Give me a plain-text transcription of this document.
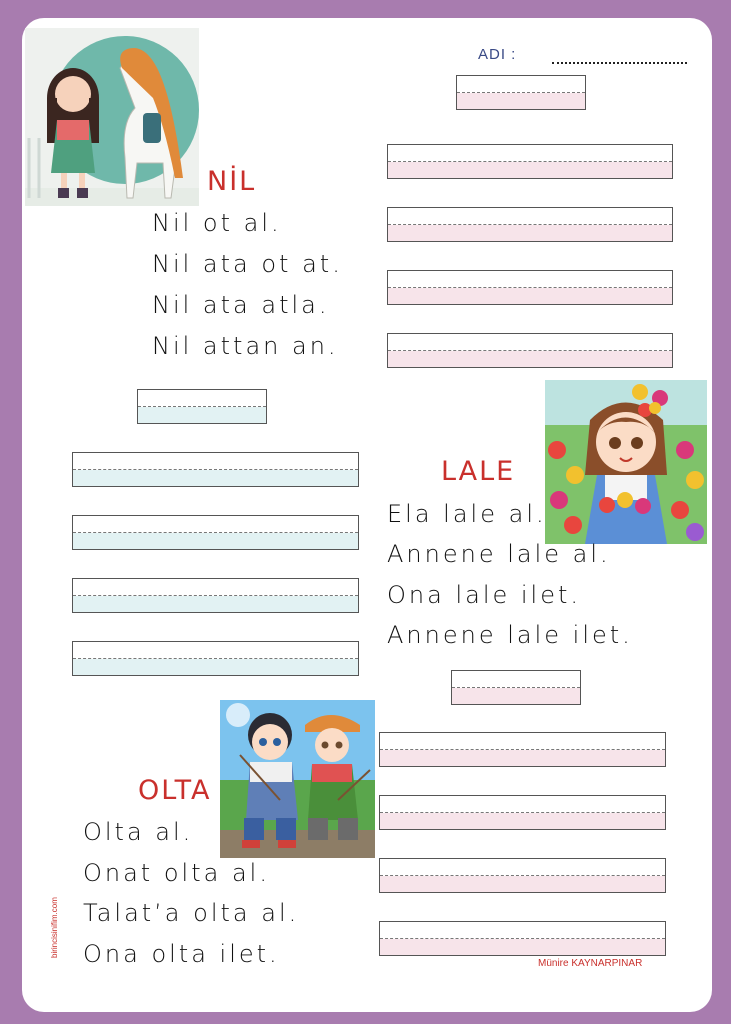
ADI :
NİL
Nil ot al.
Nil ata ot at.
Nil ata atla.
Nil attan an.
LALE
Ela lale al.
Annene lale al.
Ona lale ilet.
Annene lale ilet.
OLTA
Olta al.
Onat olta al.
Talat’a olta al.
Ona olta ilet.
birincisinifim.com
Münire KAYNARPINAR
